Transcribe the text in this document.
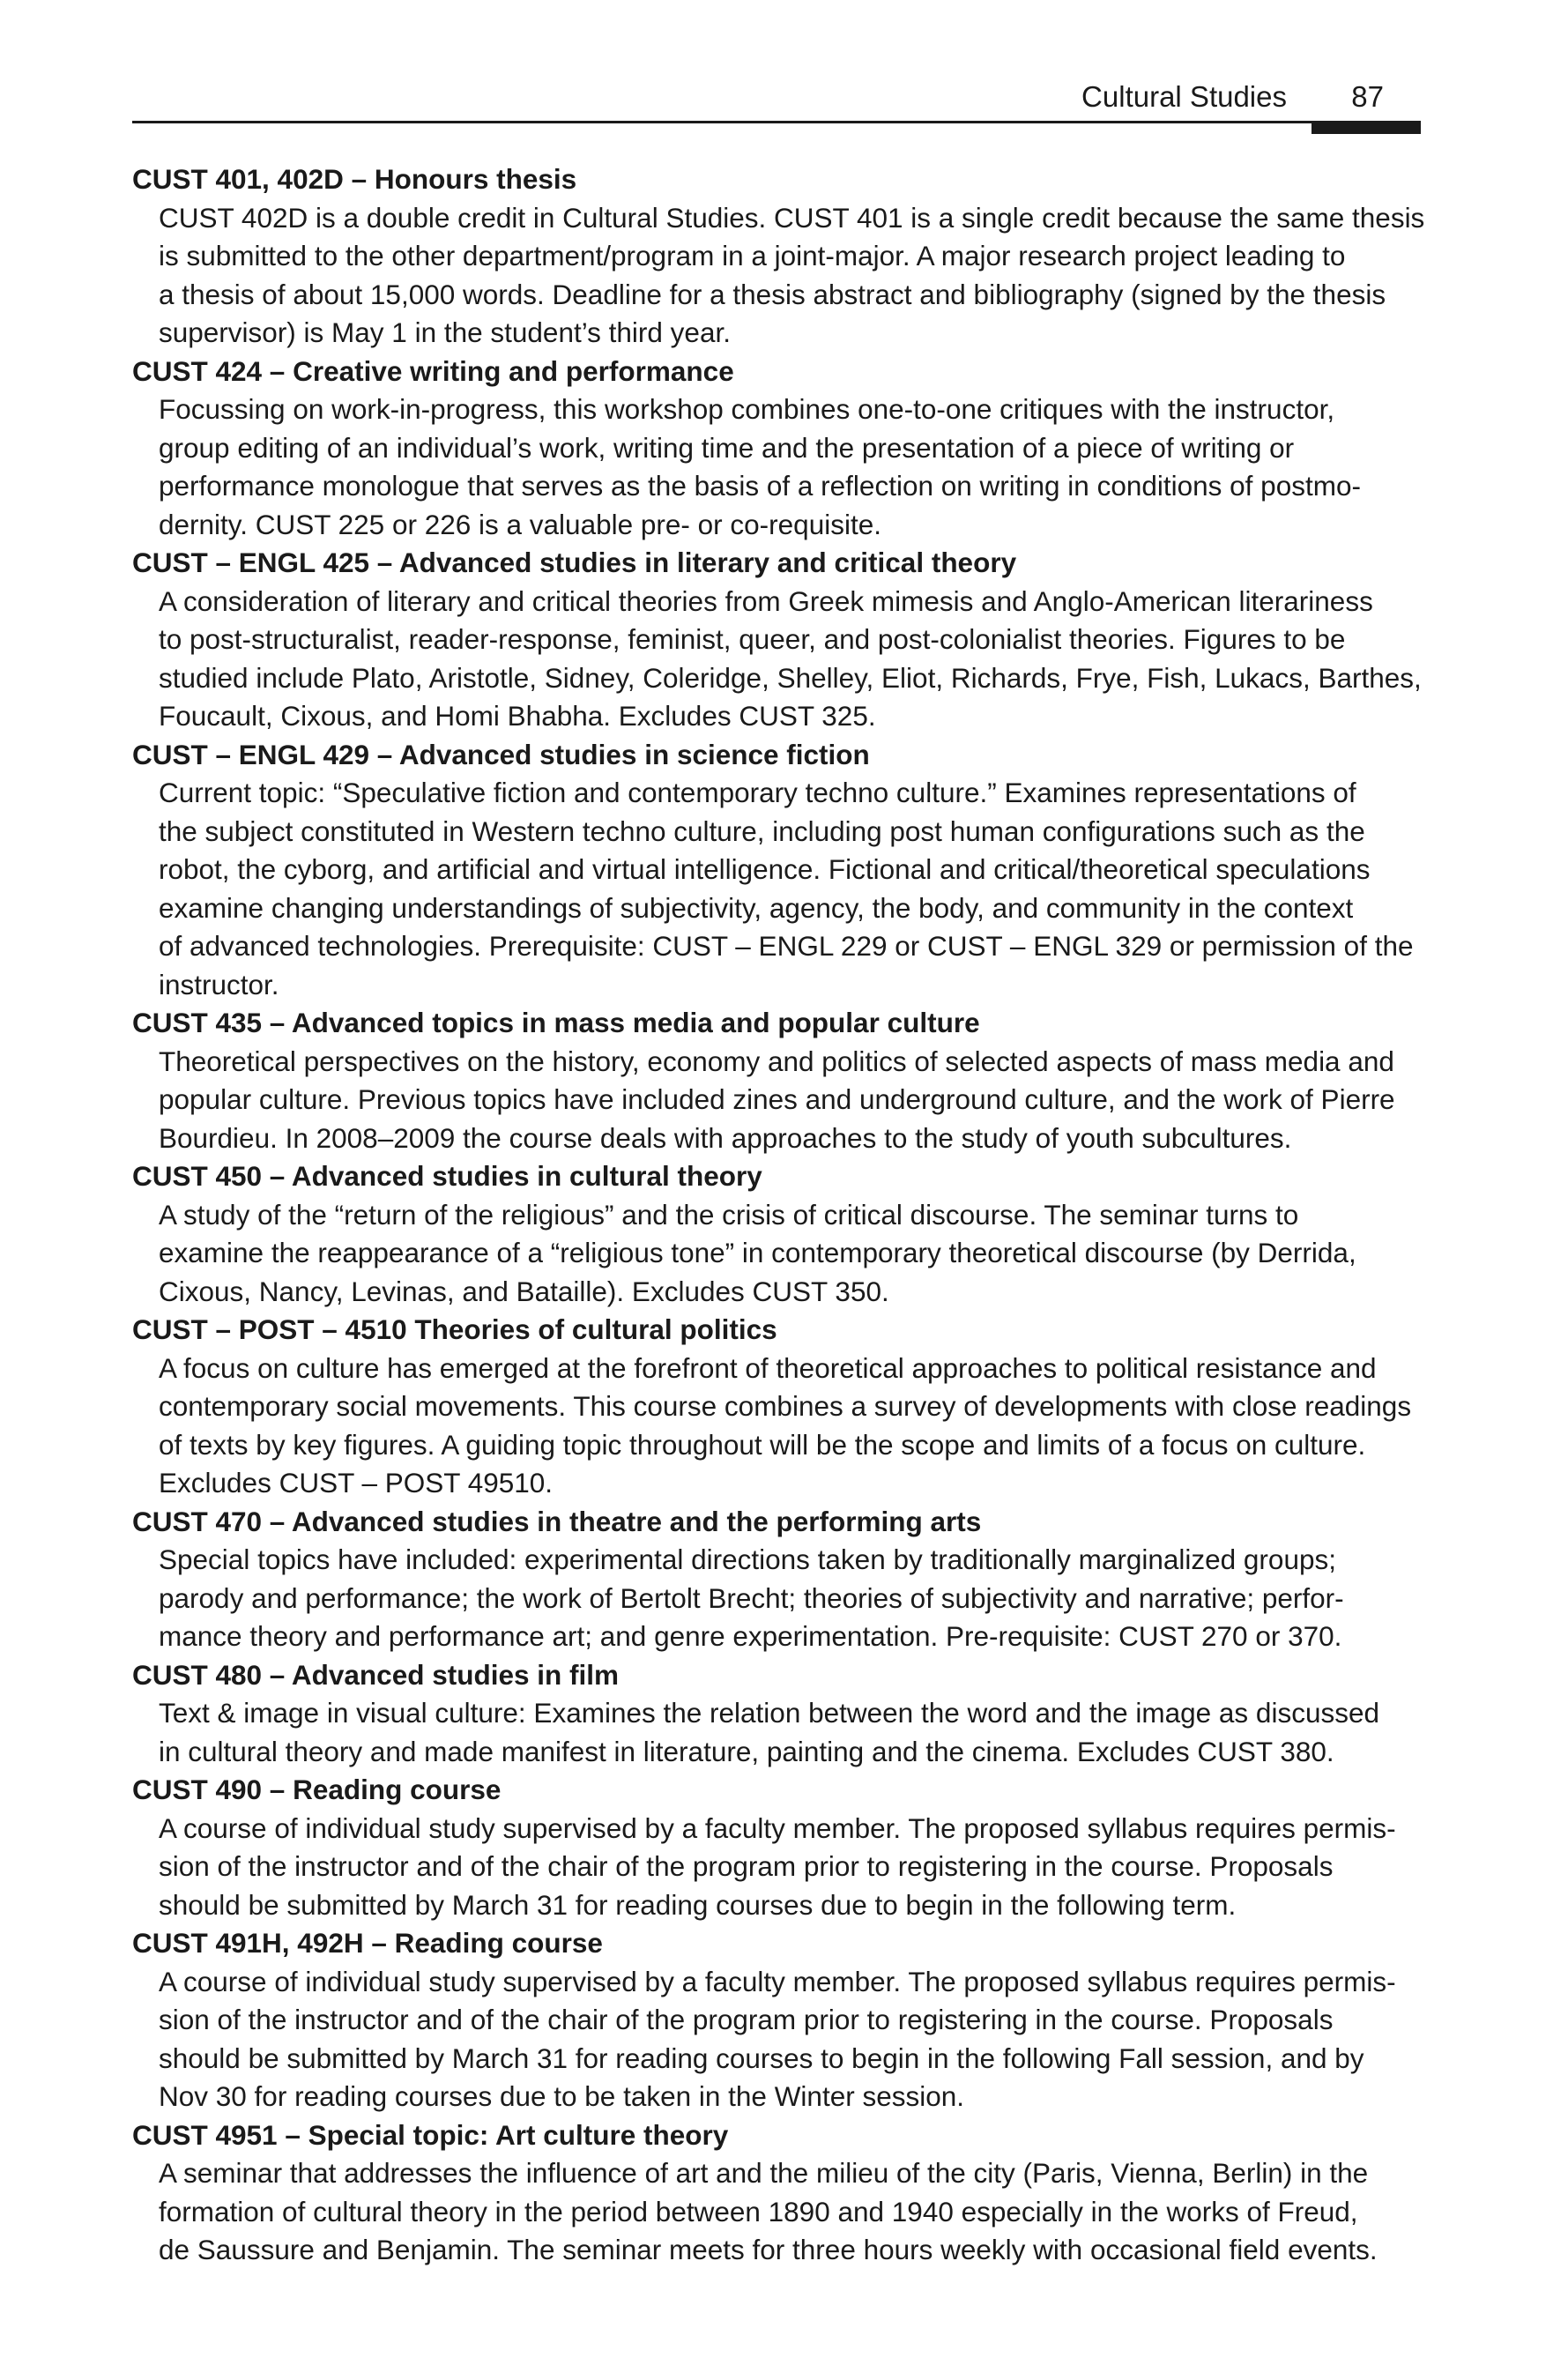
Cultural Studies 87
CUST 401, 402D – Honours thesis
CUST 402D is a double credit in Cultural Studies. CUST 401 is a single credit because the same thesis
is submitted to the other department/program in a joint-major. A major research project leading to
a thesis of about 15,000 words. Deadline for a thesis abstract and bibliography (signed by the thesis
supervisor) is May 1 in the student’s third year.
CUST 424 – Creative writing and performance
Focussing on work-in-progress, this workshop combines one-to-one critiques with the instructor,
group editing of an individual’s work, writing time and the presentation of a piece of writing or
performance monologue that serves as the basis of a reflection on writing in conditions of postmo-
dernity. CUST 225 or 226 is a valuable pre- or co-requisite.
CUST – ENGL 425 – Advanced studies in literary and critical theory
A consideration of literary and critical theories from Greek mimesis and Anglo-American literariness
to post-structuralist, reader-response, feminist, queer, and post-colonialist theories. Figures to be
studied include Plato, Aristotle, Sidney, Coleridge, Shelley, Eliot, Richards, Frye, Fish, Lukacs, Barthes,
Foucault, Cixous, and Homi Bhabha. Excludes CUST 325.
CUST – ENGL 429 – Advanced studies in science fiction
Current topic: “Speculative fiction and contemporary techno culture.” Examines representations of
the subject constituted in Western techno culture, including post human configurations such as the
robot, the cyborg, and artificial and virtual intelligence. Fictional and critical/theoretical speculations
examine changing understandings of subjectivity, agency, the body, and community in the context
of advanced technologies. Prerequisite: CUST – ENGL 229 or CUST – ENGL 329 or permission of the
instructor.
CUST 435 – Advanced topics in mass media and popular culture
Theoretical perspectives on the history, economy and politics of selected aspects of mass media and
popular culture. Previous topics have included zines and underground culture, and the work of Pierre
Bourdieu. In 2008–2009 the course deals with approaches to the study of youth subcultures.
CUST 450 – Advanced studies in cultural theory
A study of the “return of the religious” and the crisis of critical discourse. The seminar turns to
examine the reappearance of a “religious tone” in contemporary theoretical discourse (by Derrida,
Cixous, Nancy, Levinas, and Bataille). Excludes CUST 350.
CUST – POST – 4510 Theories of cultural politics
A focus on culture has emerged at the forefront of theoretical approaches to political resistance and
contemporary social movements. This course combines a survey of developments with close readings
of texts by key figures. A guiding topic throughout will be the scope and limits of a focus on culture.
Excludes CUST – POST 49510.
CUST 470 – Advanced studies in theatre and the performing arts
Special topics have included: experimental directions taken by traditionally marginalized groups;
parody and performance; the work of Bertolt Brecht; theories of subjectivity and narrative; perfor-
mance theory and performance art; and genre experimentation. Pre-requisite: CUST 270 or 370.
CUST 480 – Advanced studies in film
Text & image in visual culture: Examines the relation between the word and the image as discussed
in cultural theory and made manifest in literature, painting and the cinema. Excludes CUST 380.
CUST 490 – Reading course
A course of individual study supervised by a faculty member. The proposed syllabus requires permis-
sion of the instructor and of the chair of the program prior to registering in the course. Proposals
should be submitted by March 31 for reading courses due to begin in the following term.
CUST 491H, 492H – Reading course
A course of individual study supervised by a faculty member. The proposed syllabus requires permis-
sion of the instructor and of the chair of the program prior to registering in the course. Proposals
should be submitted by March 31 for reading courses to begin in the following Fall session, and by
Nov 30 for reading courses due to be taken in the Winter session.
CUST 4951 – Special topic: Art culture theory
A seminar that addresses the influence of art and the milieu of the city (Paris, Vienna, Berlin) in the
formation of cultural theory in the period between 1890 and 1940 especially in the works of Freud,
de Saussure and Benjamin. The seminar meets for three hours weekly with occasional field events.
